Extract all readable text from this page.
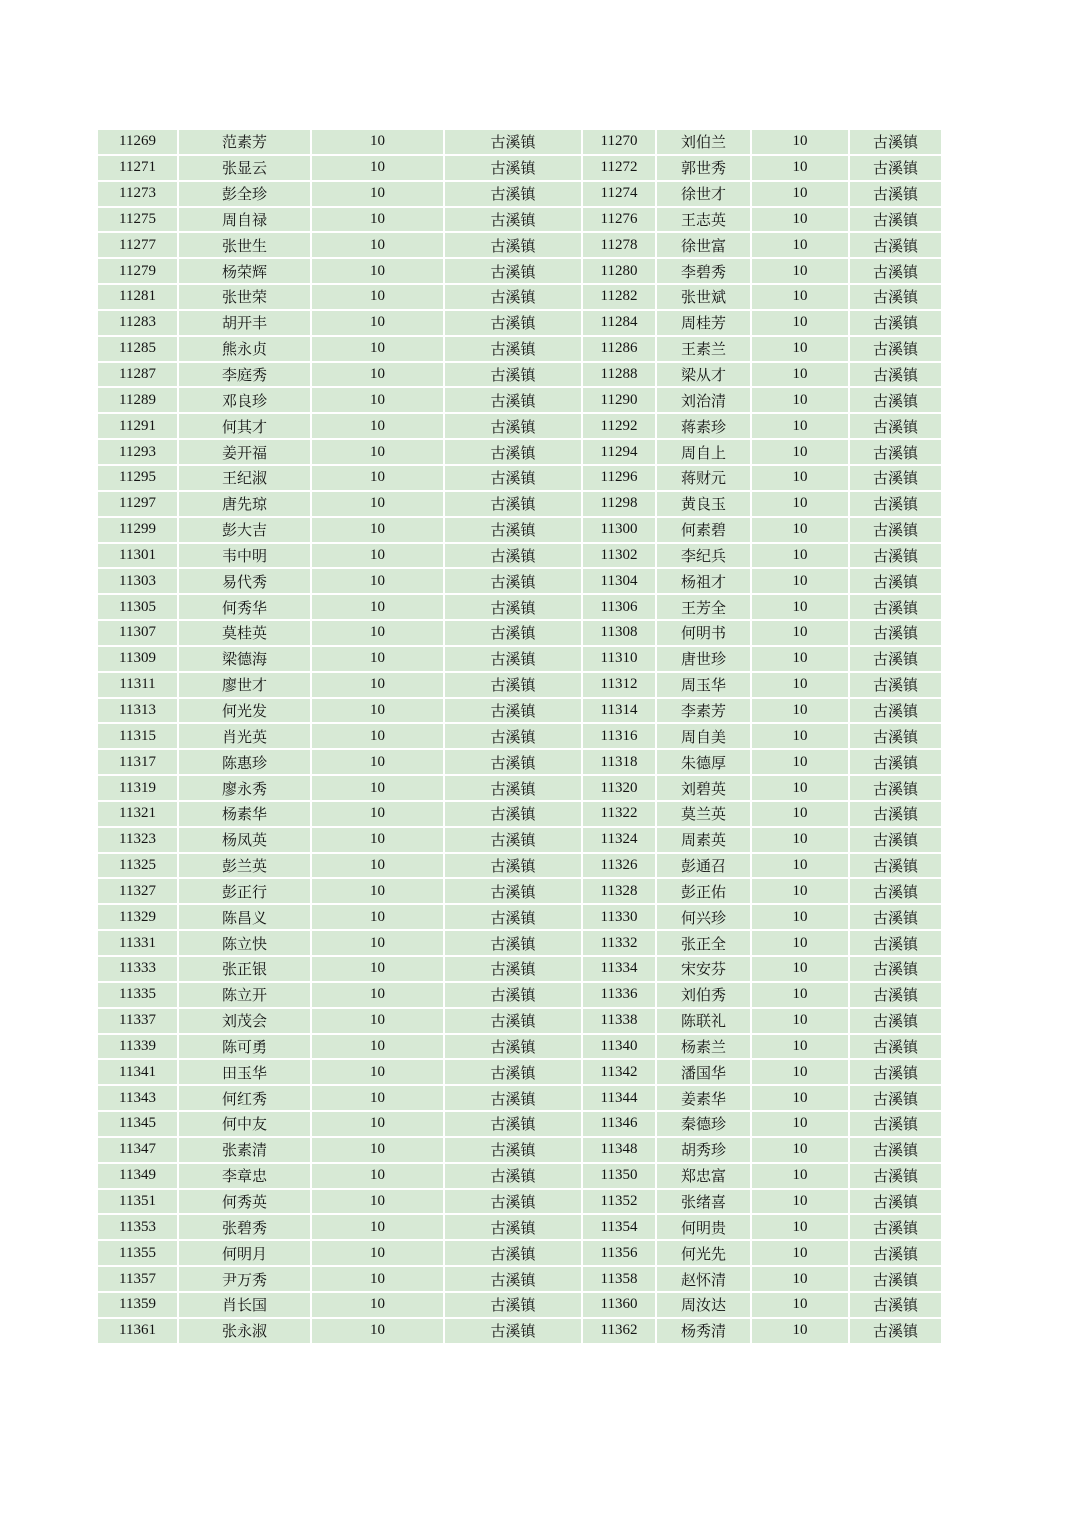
11269	范素芳	10	古溪镇	11270	刘伯兰	10	古溪镇
11271	张显云	10	古溪镇	11272	郭世秀	10	古溪镇
11273	彭全珍	10	古溪镇	11274	徐世才	10	古溪镇
11275	周自禄	10	古溪镇	11276	王志英	10	古溪镇
11277	张世生	10	古溪镇	11278	徐世富	10	古溪镇
11279	杨荣辉	10	古溪镇	11280	李碧秀	10	古溪镇
11281	张世荣	10	古溪镇	11282	张世斌	10	古溪镇
11283	胡开丰	10	古溪镇	11284	周桂芳	10	古溪镇
11285	熊永贞	10	古溪镇	11286	王素兰	10	古溪镇
11287	李庭秀	10	古溪镇	11288	梁从才	10	古溪镇
11289	邓良珍	10	古溪镇	11290	刘治清	10	古溪镇
11291	何其才	10	古溪镇	11292	蒋素珍	10	古溪镇
11293	姜开福	10	古溪镇	11294	周自上	10	古溪镇
11295	王纪淑	10	古溪镇	11296	蒋财元	10	古溪镇
11297	唐先琼	10	古溪镇	11298	黄良玉	10	古溪镇
11299	彭大吉	10	古溪镇	11300	何素碧	10	古溪镇
11301	韦中明	10	古溪镇	11302	李纪兵	10	古溪镇
11303	易代秀	10	古溪镇	11304	杨祖才	10	古溪镇
11305	何秀华	10	古溪镇	11306	王芳全	10	古溪镇
11307	莫桂英	10	古溪镇	11308	何明书	10	古溪镇
11309	梁德海	10	古溪镇	11310	唐世珍	10	古溪镇
11311	廖世才	10	古溪镇	11312	周玉华	10	古溪镇
11313	何光发	10	古溪镇	11314	李素芳	10	古溪镇
11315	肖光英	10	古溪镇	11316	周自美	10	古溪镇
11317	陈惠珍	10	古溪镇	11318	朱德厚	10	古溪镇
11319	廖永秀	10	古溪镇	11320	刘碧英	10	古溪镇
11321	杨素华	10	古溪镇	11322	莫兰英	10	古溪镇
11323	杨凤英	10	古溪镇	11324	周素英	10	古溪镇
11325	彭兰英	10	古溪镇	11326	彭通召	10	古溪镇
11327	彭正行	10	古溪镇	11328	彭正佑	10	古溪镇
11329	陈昌义	10	古溪镇	11330	何兴珍	10	古溪镇
11331	陈立快	10	古溪镇	11332	张正全	10	古溪镇
11333	张正银	10	古溪镇	11334	宋安芬	10	古溪镇
11335	陈立开	10	古溪镇	11336	刘伯秀	10	古溪镇
11337	刘茂会	10	古溪镇	11338	陈联礼	10	古溪镇
11339	陈可勇	10	古溪镇	11340	杨素兰	10	古溪镇
11341	田玉华	10	古溪镇	11342	潘国华	10	古溪镇
11343	何红秀	10	古溪镇	11344	姜素华	10	古溪镇
11345	何中友	10	古溪镇	11346	秦德珍	10	古溪镇
11347	张素清	10	古溪镇	11348	胡秀珍	10	古溪镇
11349	李章忠	10	古溪镇	11350	郑忠富	10	古溪镇
11351	何秀英	10	古溪镇	11352	张绪喜	10	古溪镇
11353	张碧秀	10	古溪镇	11354	何明贵	10	古溪镇
11355	何明月	10	古溪镇	11356	何光先	10	古溪镇
11357	尹万秀	10	古溪镇	11358	赵怀清	10	古溪镇
11359	肖长国	10	古溪镇	11360	周汝达	10	古溪镇
11361	张永淑	10	古溪镇	11362	杨秀清	10	古溪镇
